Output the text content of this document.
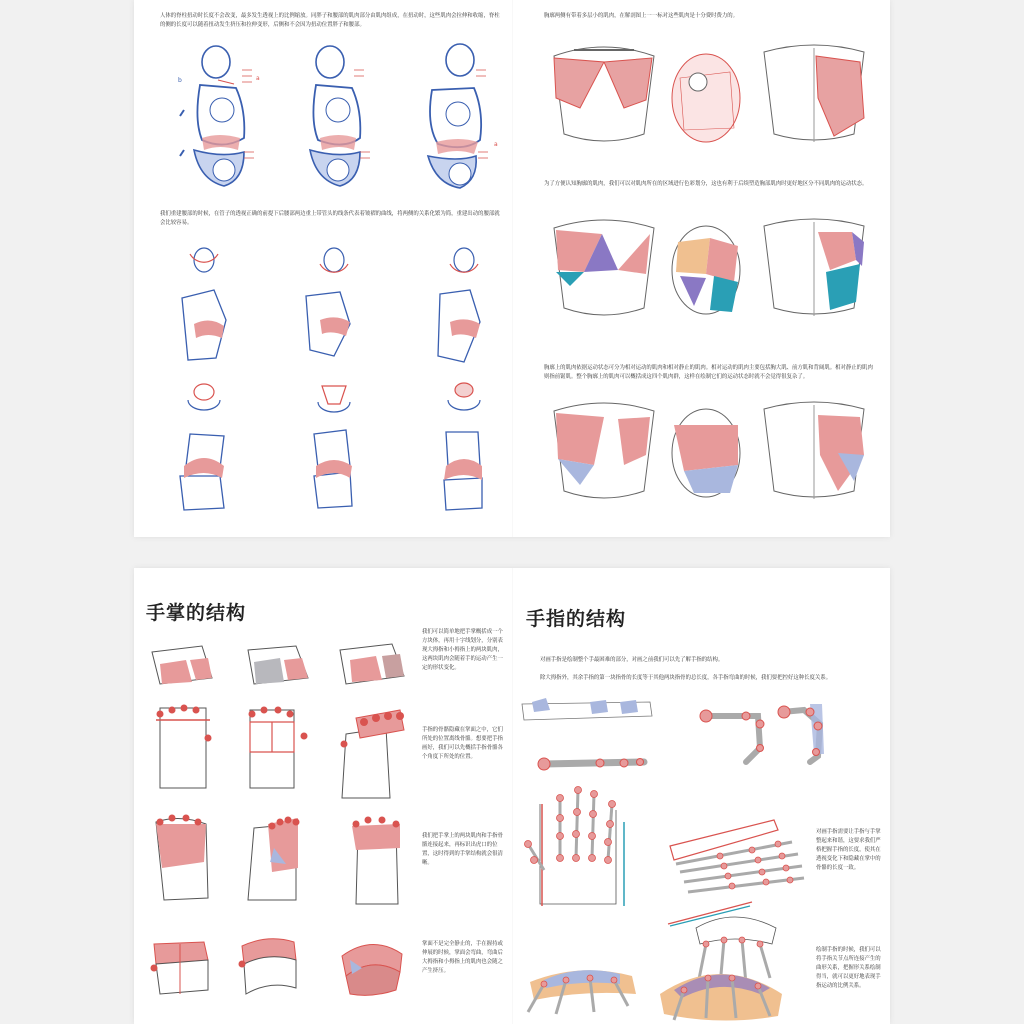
人体的脊柱扭动时长度不会改变，最多发生透视上的比例缩放。同胖子和腰部的肌肉部分由肌肉组成，在扭动时，这些肌肉会拉伸和收缩，脊柱的侧的长度可以随着扭动发生挤压和拉伸变形，后侧和不会因为扭动位置胖子和腰部。

我们重建腰部的时候，在管子的透视正确的前提下后腰部两边重上带管头的线条代表着皱褶的曲线，将两侧的关系化繁为简，重建出动的腰部就会比较容易。

b	a
a

胸廓两侧有带着多层小的肌肉，在解剖图上一一标对这些肌肉是十分费时费力的。

为了方便认知胸廓的肌肉，我们可以对肌肉所在的区域进行色彩划分，这也有利于后续塑造胸部肌肉时更好地区分不同肌肉的运动状态。

胸廓上的肌肉依据运动状态可分为相对运动的肌肉和相对静止的肌肉。相对运动的肌肉主要包括胸大肌、前方肌和背阔肌。相对静止的肌肉则指前锯肌。整个胸廓上的肌肉可以概括成这四个肌肉群，这样在绘制它们的运动状态时就不会觉得很复杂了。

手掌的结构

我们可以简单地把手掌概括成一个方块体，再用十字线划分，分别表现大拇指和小拇指上的两块肌肉，这两块肌肉会随着手的运动产生一定的形状变化。

手指的骨骼隐藏在掌面之中，它们所处的位置离线骨骼。想要把手指画好，我们可以先概括手指骨骼各个角度下所处的位置。

我们把手掌上的两块肌肉和手指骨骼连接起来，再标识出虎口的位置，这时得到的手掌结构就会很清晰。

掌面不是完全静止的，手在握持或伸展的时候，掌面会弯曲，弯曲后大拇指和小拇指上的肌肉也会随之产生挤压。

手指的结构

对画手指是绘制整个手最困难的部分，对画之前我们可以先了解手指的结构。

除大拇指外，其余手指的第一块指骨的长度等于其他两块指骨的总长度，各手指弯曲的时候，我们要把控好这种长度关系。

对画手指需要让手指与手掌整起来和谐，这要求我们严格把握手指的长度，使其在透视变化下和隐藏在掌中的骨骼的长度一致。

绘制手指的时候，我们可以将手指关节点所连接产生的曲形关系，把握形关系绘制得当，就可以更好地表现手指运动的比例关系。
